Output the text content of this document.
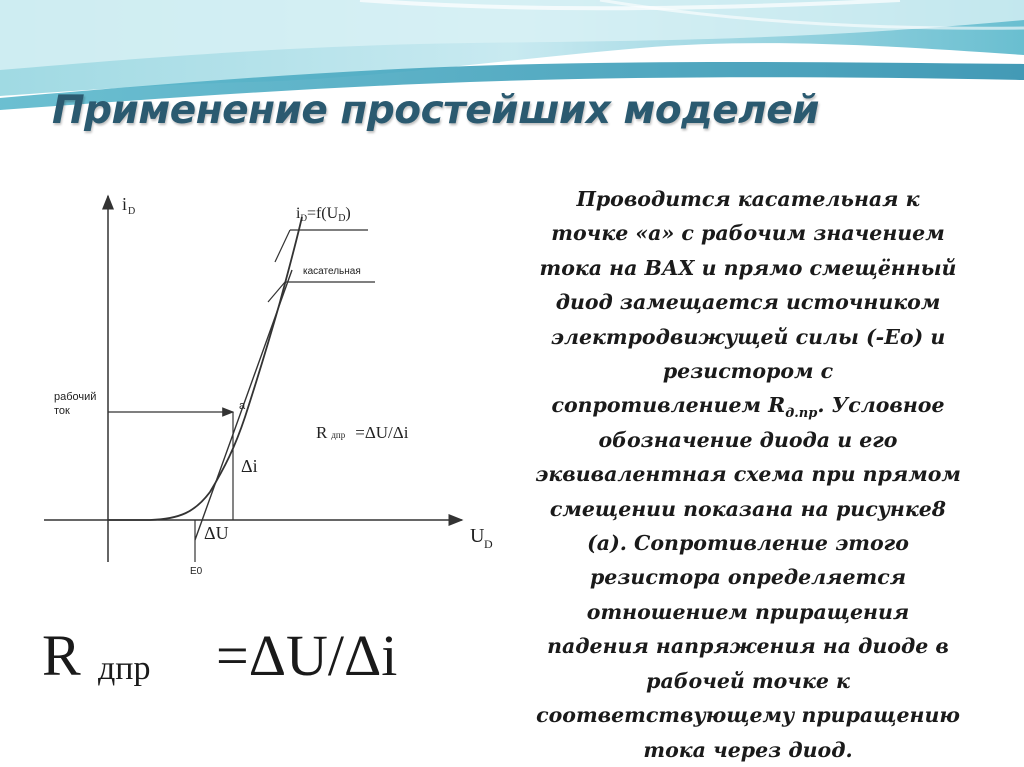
Применение простейших моделей
i D
U D
iD=f(UD)
касательная
рабочий
ток	а
Δi
ΔU
E0
Rдпр =ΔU/Δi
R дпр =ΔU/Δi

Проводится касательная к
точке «а» с рабочим значением
тока на ВАХ и прямо смещённый
диод замещается источником
электродвижущей силы (-Ео) и
резистором с
сопротивлением $R_{д.пр}$. Условное
обозначение диода и его
эквивалентная схема при прямом
смещении показана на рисунке8
(а). Сопротивление этого
резистора определяется
отношением приращения
падения напряжения на диоде в
рабочей точке к
соответствующему приращению
тока через диод.
